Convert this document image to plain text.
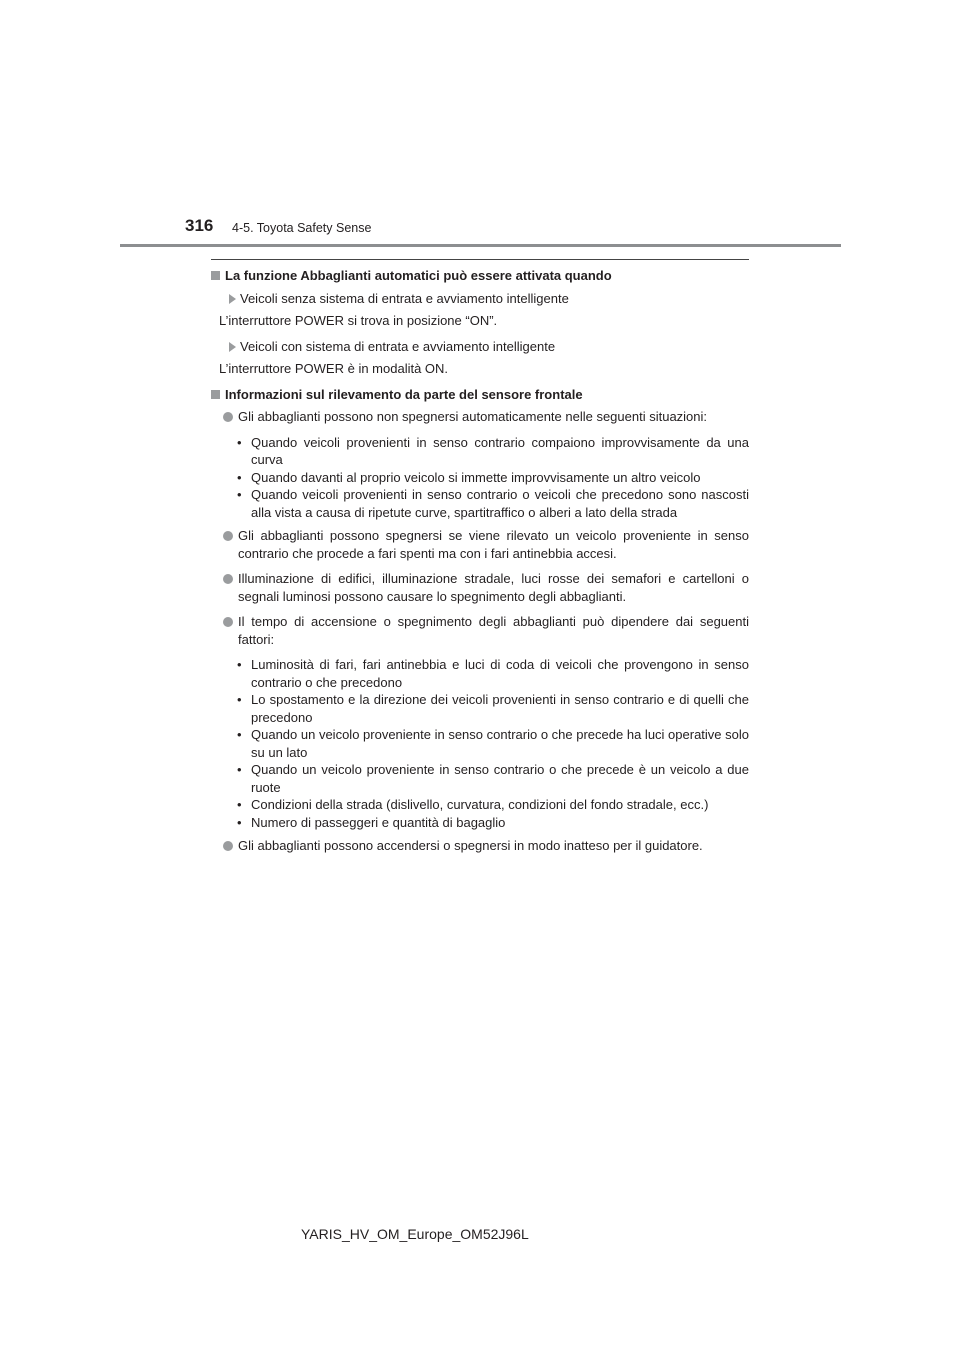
316 4-5. Toyota Safety Sense
La funzione Abbaglianti automatici può essere attivata quando
Veicoli senza sistema di entrata e avviamento intelligente
L’interruttore POWER si trova in posizione “ON”.
Veicoli con sistema di entrata e avviamento intelligente
L’interruttore POWER è in modalità ON.
Informazioni sul rilevamento da parte del sensore frontale
Gli abbaglianti possono non spegnersi automaticamente nelle seguenti situazioni:
• Quando veicoli provenienti in senso contrario compaiono improvvisamente da una curva
• Quando davanti al proprio veicolo si immette improvvisamente un altro veicolo
• Quando veicoli provenienti in senso contrario o veicoli che precedono sono nascosti alla vista a causa di ripetute curve, spartitraffico o alberi a lato della strada
Gli abbaglianti possono spegnersi se viene rilevato un veicolo proveniente in senso contrario che procede a fari spenti ma con i fari antinebbia accesi.
Illuminazione di edifici, illuminazione stradale, luci rosse dei semafori e cartelloni o segnali luminosi possono causare lo spegnimento degli abbaglianti.
Il tempo di accensione o spegnimento degli abbaglianti può dipendere dai seguenti fattori:
• Luminosità di fari, fari antinebbia e luci di coda di veicoli che provengono in senso contrario o che precedono
• Lo spostamento e la direzione dei veicoli provenienti in senso contrario e di quelli che precedono
• Quando un veicolo proveniente in senso contrario o che precede ha luci operative solo su un lato
• Quando un veicolo proveniente in senso contrario o che precede è un veicolo a due ruote
• Condizioni della strada (dislivello, curvatura, condizioni del fondo stradale, ecc.)
• Numero di passeggeri e quantità di bagaglio
Gli abbaglianti possono accendersi o spegnersi in modo inatteso per il guidatore.
YARIS_HV_OM_Europe_OM52J96L
